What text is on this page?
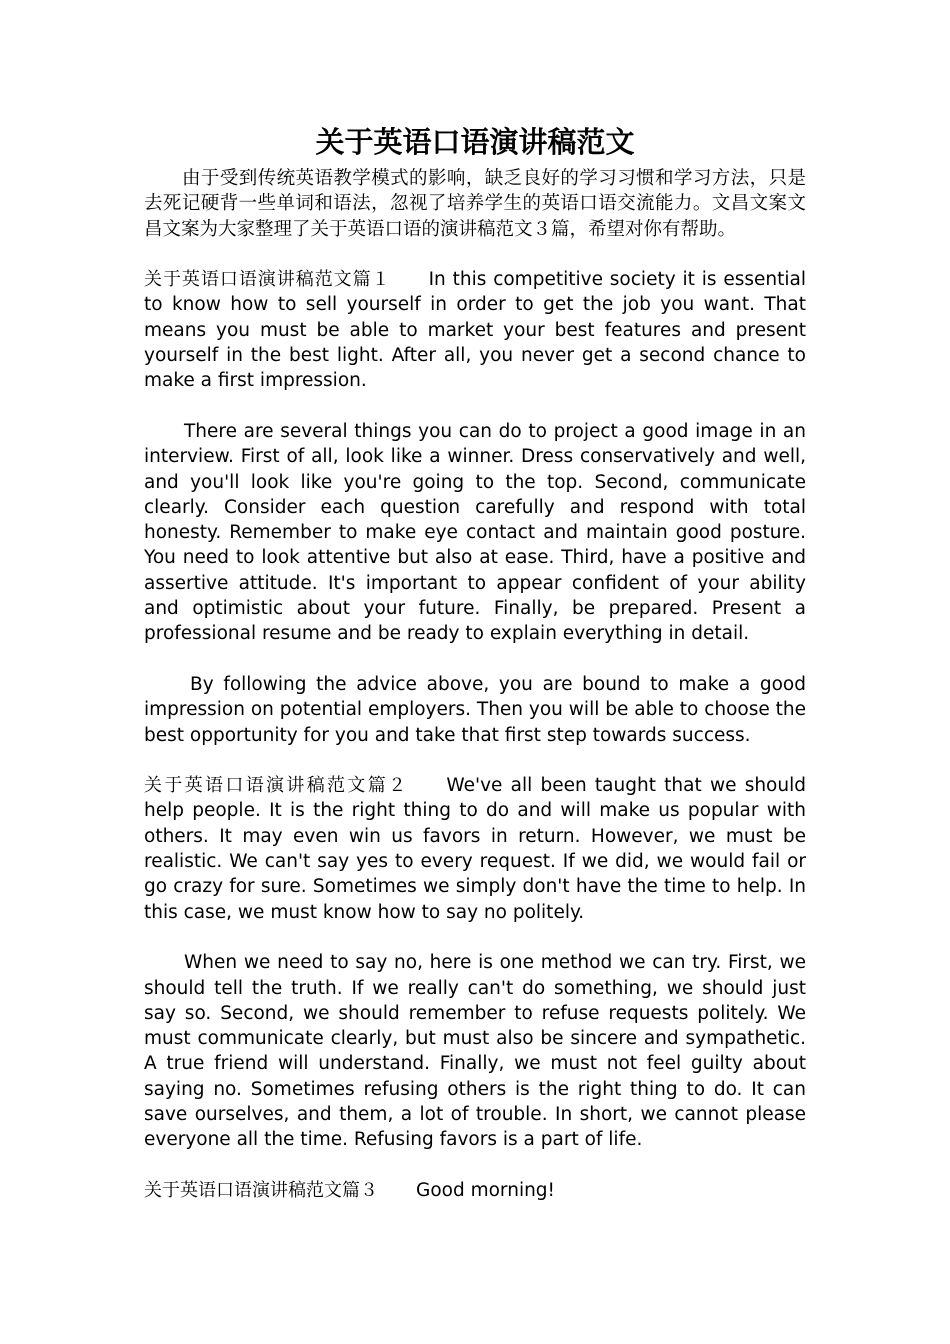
关于英语口语演讲稿范文

由于受到传统英语教学模式的影响，缺乏良好的学习习惯和学习方法，只是去死记硬背一些单词和语法，忽视了培养学生的英语口语交流能力。文昌文案文昌文案为大家整理了关于英语口语的演讲稿范文３篇，希望对你有帮助。

关于英语口语演讲稿范文篇１ In this competitive society it is essential to know how to sell yourself in order to get the job you want. That means you must be able to market your best features and present yourself in the best light. After all, you never get a second chance to make a first impression.

There are several things you can do to project a good image in an interview. First of all, look like a winner. Dress conservatively and well, and you'll look like you're going to the top. Second, communicate clearly. Consider each question carefully and respond with total honesty. Remember to make eye contact and maintain good posture. You need to look attentive but also at ease. Third, have a positive and assertive attitude. It's important to appear confident of your ability and optimistic about your future. Finally, be prepared. Present a professional resume and be ready to explain everything in detail.

By following the advice above, you are bound to make a good impression on potential employers. Then you will be able to choose the best opportunity for you and take that first step towards success.

关于英语口语演讲稿范文篇２ We've all been taught that we should help people. It is the right thing to do and will make us popular with others. It may even win us favors in return. However, we must be realistic. We can't say yes to every request. If we did, we would fail or go crazy for sure. Sometimes we simply don't have the time to help. In this case, we must know how to say no politely.

When we need to say no, here is one method we can try. First, we should tell the truth. If we really can't do something, we should just say so. Second, we should remember to refuse requests politely. We must communicate clearly, but must also be sincere and sympathetic. A true friend will understand. Finally, we must not feel guilty about saying no. Sometimes refusing others is the right thing to do. It can save ourselves, and them, a lot of trouble. In short, we cannot please everyone all the time. Refusing favors is a part of life.

关于英语口语演讲稿范文篇３ Good morning!
